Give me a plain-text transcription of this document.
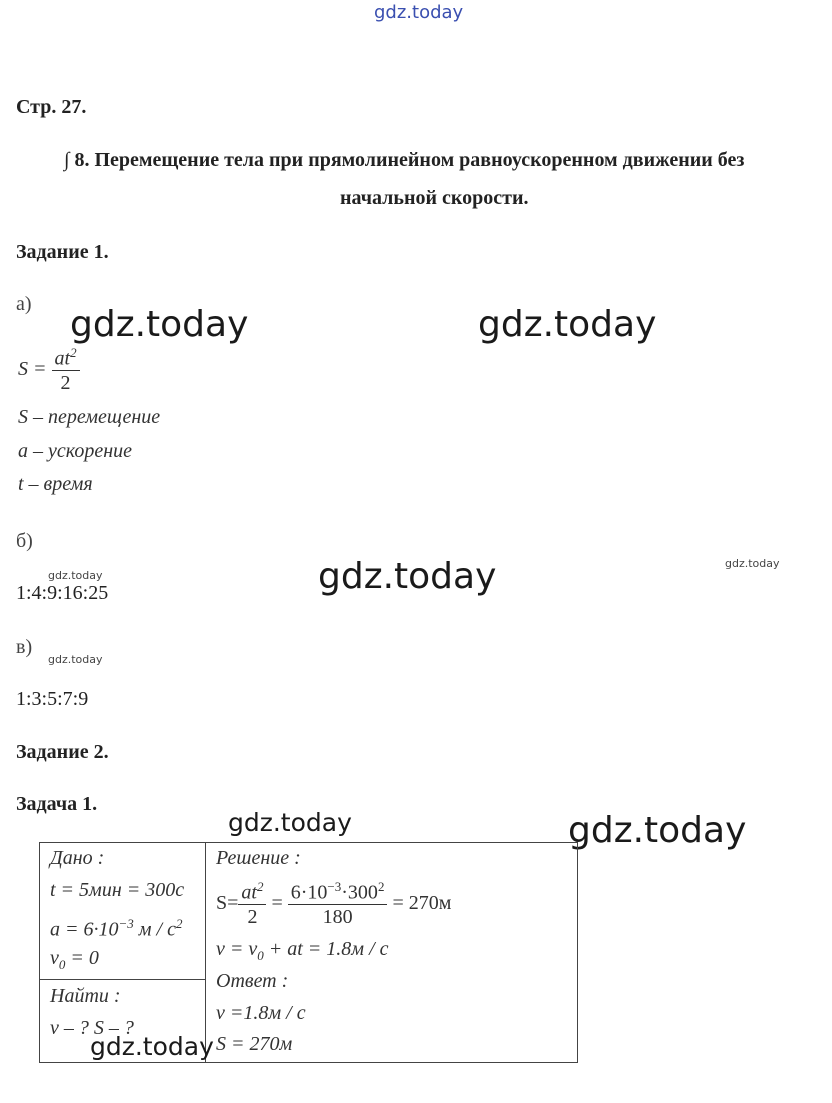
gdz.today
gdz.today	gdz.today
gdz.today	gdz.today
gdz.today
gdz.today
gdz.today	gdz.today
Стр. 27.
∫ 8. Перемещение тела при прямолинейном равноускоренном движении без
начальной скорости.
Задание 1.
а)
$S = \frac{at^2}{2}$
S – перемещение
a – ускорение
t – время
б)
1:4:9:16:25
в)
1:3:5:7:9
Задание 2.
Задача 1.
Дано :
t = 5мин = 300с
$a = 6\cdot 10^{-3}$ м / $с^2$
$v_0 = 0$

Решение :
$S= \frac{at^2}{2} = \frac{6\cdot 10^{-3}\cdot 300^2}{180} = 270м$
$v = v_0$ + at = 1.8м / с
Ответ :
v =1.8м / с
S = 270м

Найти :
v – ? S – ?
gdz.today
